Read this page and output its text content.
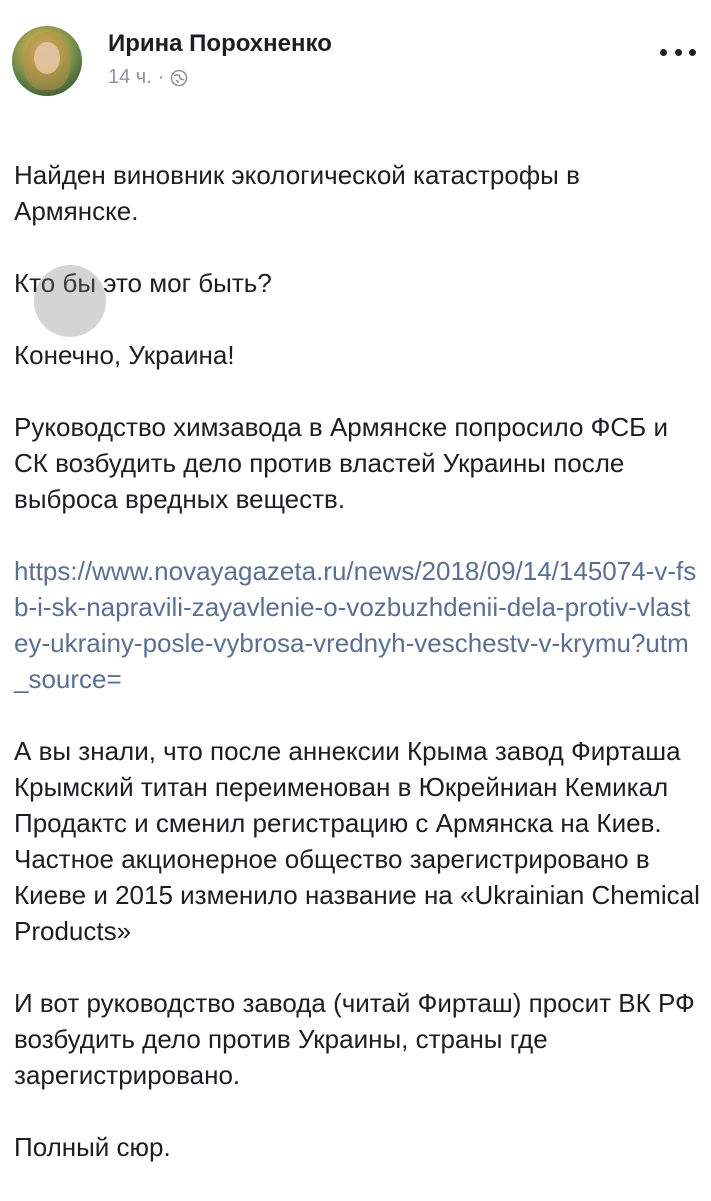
Ирина Порохненко
14 ч. ·

Найден виновник экологической катастрофы в Армянске.

Кто бы это мог быть?

Конечно, Украина!

Руководство химзавода в Армянске попросило ФСБ и СК возбудить дело против властей Украины после выброса вредных веществ.

https://www.novayagazeta.ru/news/2018/09/14/145074-v-fsb-i-sk-napravili-zayavlenie-o-vozbuzhdenii-dela-protiv-vlastey-ukrainy-posle-vybrosa-vrednyh-veschestv-v-krymu?utm_source=

А вы знали, что после аннексии Крыма завод Фирташа Крымский титан переименован в Юкрейниан Кемикал Продактс и сменил регистрацию с Армянска на Киев. Частное акционерное общество зарегистрировано в Киеве и 2015 изменило название на «Ukrainian Chemical Products»

И вот руководство завода (читай Фирташ) просит ВК РФ возбудить дело против Украины, страны где зарегистрировано.

Полный сюр.
